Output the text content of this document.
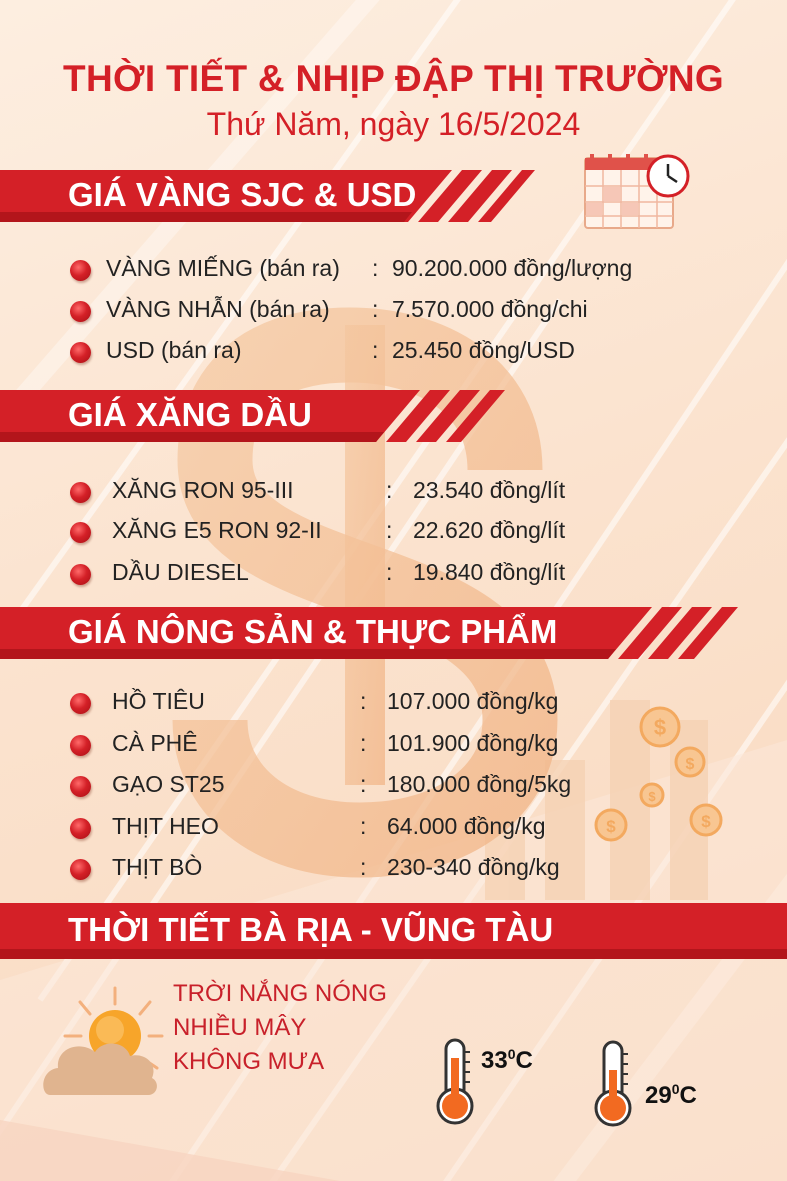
$
$
$
$	$
THỜI TIẾT & NHỊP ĐẬP THỊ TRƯỜNG
Thứ Năm, ngày 16/5/2024
GIÁ VÀNG SJC & USD
VÀNG MIẾNG (bán ra) : 90.200.000 đồng/lượng
VÀNG NHẪN (bán ra) : 7.570.000 đồng/chi
USD (bán ra)	: 25.450 đồng/USD
GIÁ XĂNG DẦU
XĂNG RON 95-III	: 23.540 đồng/lít
XĂNG E5 RON 92-II	: 22.620 đồng/lít
DẦU DIESEL	: 19.840 đồng/lít
GIÁ NÔNG SẢN & THỰC PHẨM
HỒ TIÊU	: 107.000 đồng/kg
CÀ PHÊ	: 101.900 đồng/kg
GẠO ST25	: 180.000 đồng/5kg
THỊT HEO	: 64.000 đồng/kg
THỊT BÒ	: 230-340 đồng/kg
THỜI TIẾT BÀ RỊA - VŨNG TÀU
TRỜI NẮNG NÓNG
NHIỀU MÂY
KHÔNG MƯA	$33^0C$
$29^0C$
